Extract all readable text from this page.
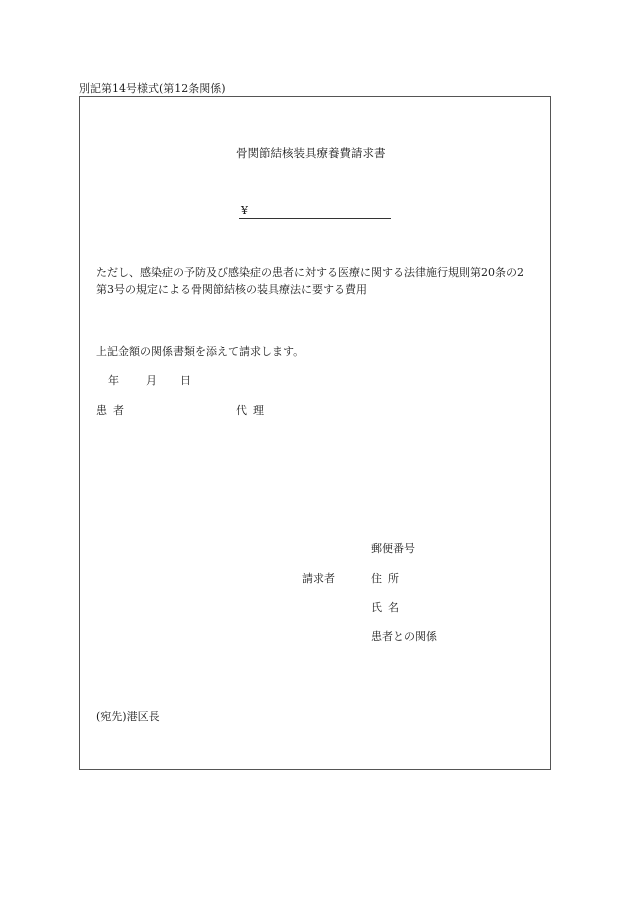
別記第14号様式(第12条関係)
骨関節結核装具療養費請求書
¥
ただし、感染症の予防及び感染症の患者に対する医療に関する法律施行規則第20条の2
第3号の規定による骨関節結核の装具療法に要する費用
上記金額の関係書類を添えて請求します。
年 月 日
患者	代理
郵便番号
請求者	住所
氏名
患者との関係
(宛先)港区長
